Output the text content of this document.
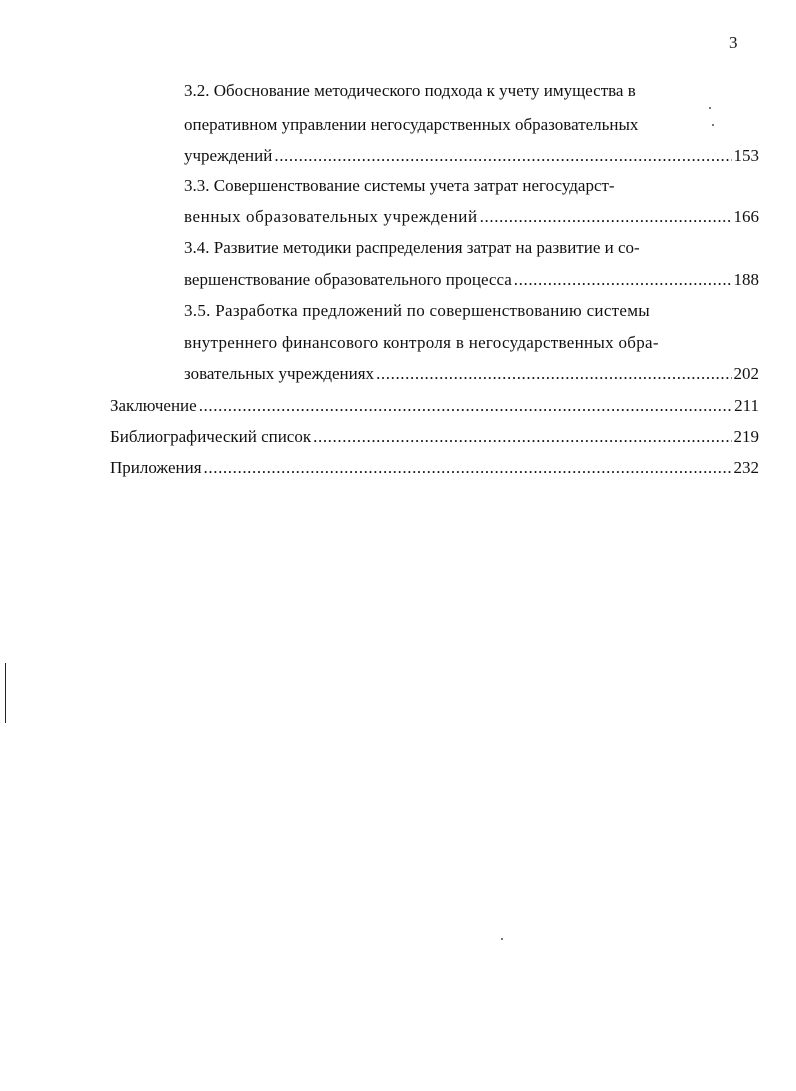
3
3.2. Обоснование методического подхода к учету имущества в
оперативном управлении негосударственных образовательных
учреждений .....	153
3.3. Совершенствование системы учета затрат негосударст-
венных образовательных учреждений .....	166
3.4. Развитие методики распределения затрат на развитие и со-
вершенствование образовательного процесса .....	188
3.5. Разработка предложений по совершенствованию системы
внутреннего финансового контроля в негосударственных обра-
зовательных учреждениях .....	202
Заключение .....	211
Библиографический список .....	219
Приложения .....	232
